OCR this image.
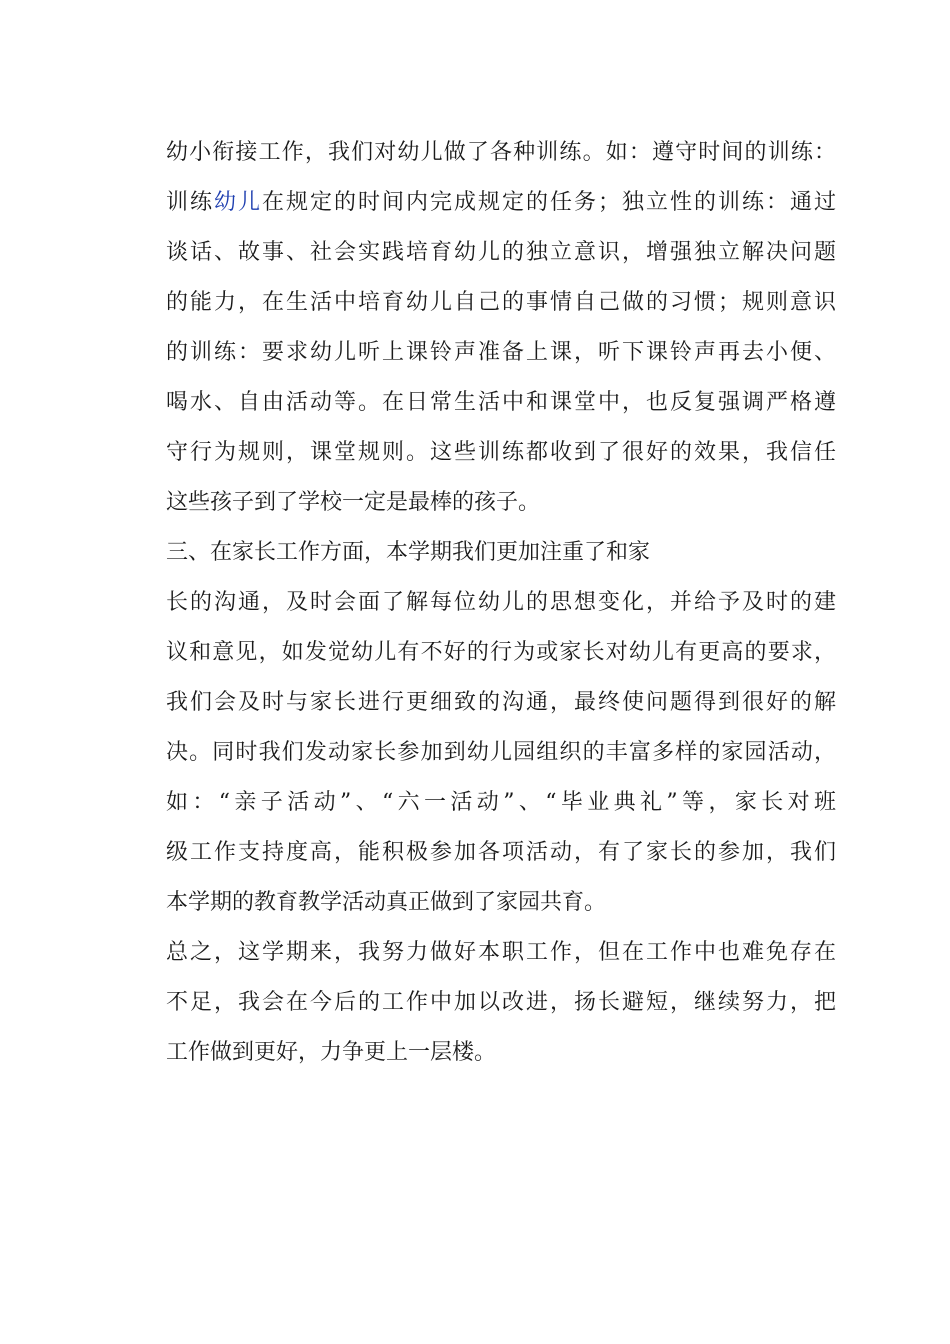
幼小衔接工作，我们对幼儿做了各种训练。如：遵守时间的训练：
训练幼儿在规定的时间内完成规定的任务；独立性的训练：通过
谈话、故事、社会实践培育幼儿的独立意识，增强独立解决问题
的能力，在生活中培育幼儿自己的事情自己做的习惯；规则意识
的训练：要求幼儿听上课铃声准备上课，听下课铃声再去小便、
喝水、自由活动等。在日常生活中和课堂中，也反复强调严格遵
守行为规则，课堂规则。这些训练都收到了很好的效果，我信任
这些孩子到了学校一定是最棒的孩子。
三、在家长工作方面，本学期我们更加注重了和家
长的沟通，及时会面了解每位幼儿的思想变化，并给予及时的建
议和意见，如发觉幼儿有不好的行为或家长对幼儿有更高的要求，
我们会及时与家长进行更细致的沟通，最终使问题得到很好的解
决。同时我们发动家长参加到幼儿园组织的丰富多样的家园活动，
如：“亲子活动”、“六一活动”、“毕业典礼”等，家长对班
级工作支持度高，能积极参加各项活动，有了家长的参加，我们
本学期的教育教学活动真正做到了家园共育。
总之，这学期来，我努力做好本职工作，但在工作中也难免存在
不足，我会在今后的工作中加以改进，扬长避短，继续努力，把
工作做到更好，力争更上一层楼。
